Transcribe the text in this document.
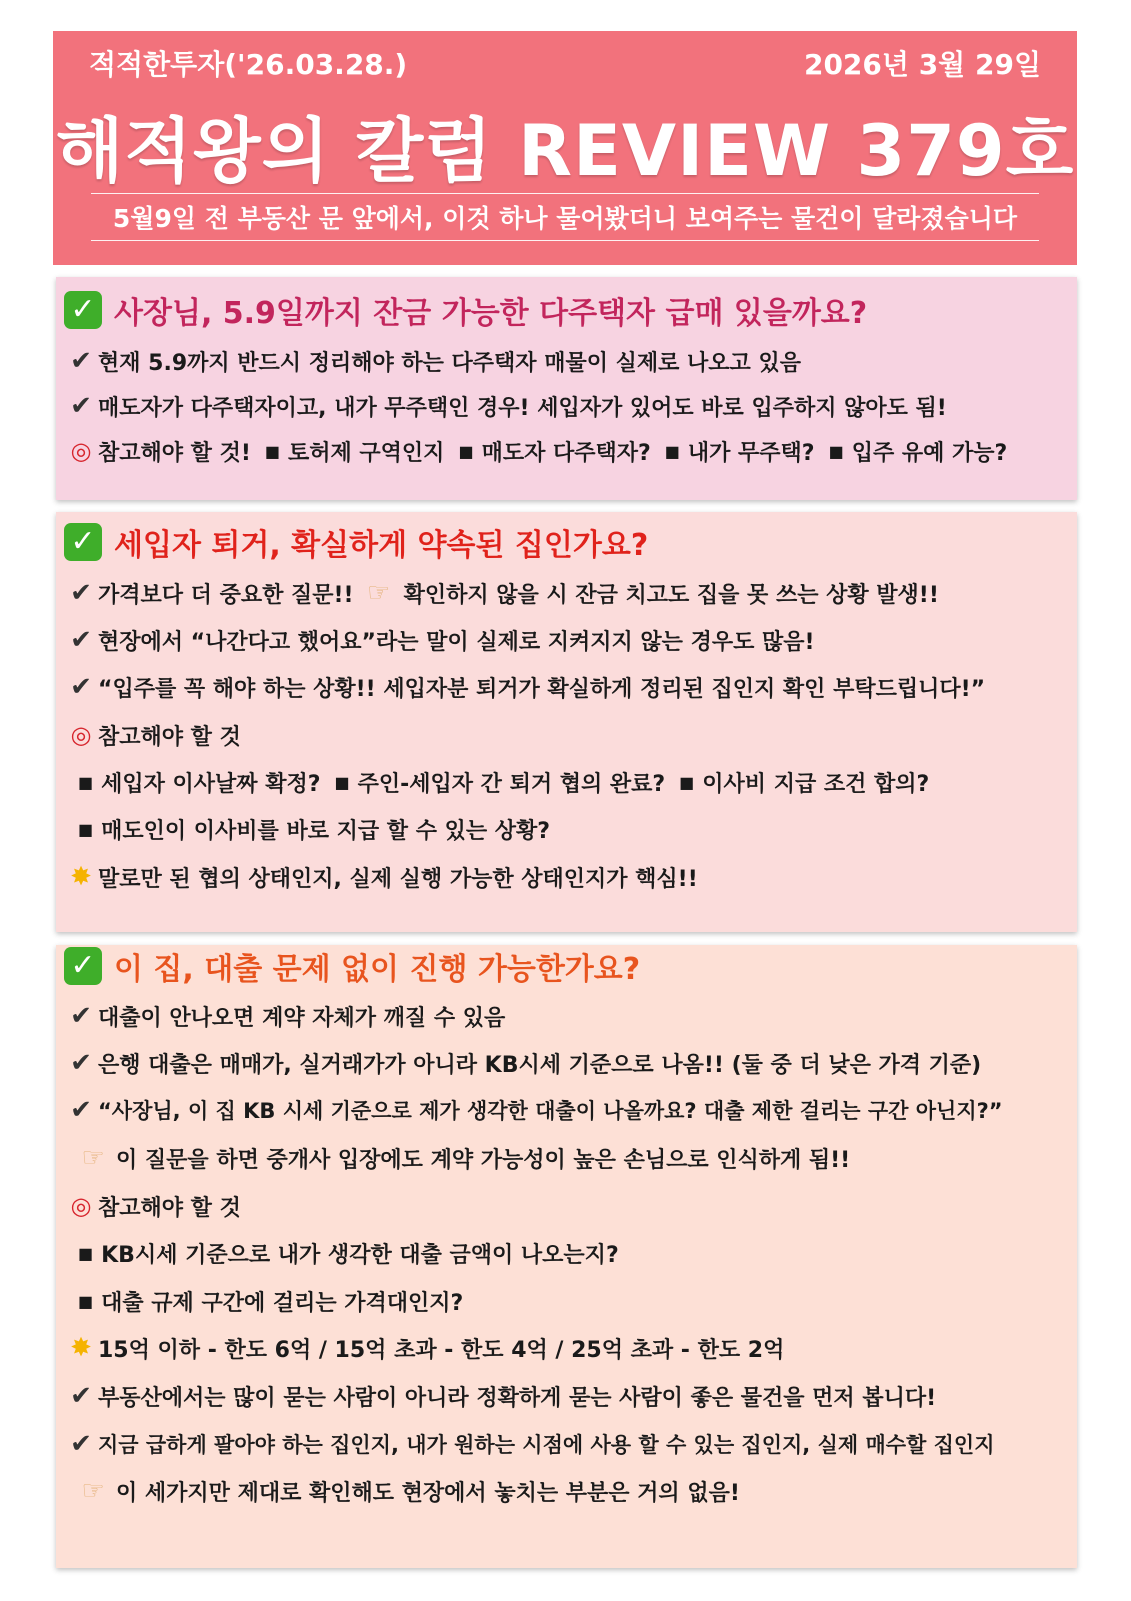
적적한투자('26.03.28.)	2026년 3월 29일
해적왕의 칼럼 REVIEW 379호
5월9일 전 부동산 문 앞에서, 이것 하나 물어봤더니 보여주는 물건이 달라졌습니다
✓ 사장님, 5.9일까지 잔금 가능한 다주택자 급매 있을까요?
✔ 현재 5.9까지 반드시 정리해야 하는 다주택자 매물이 실제로 나오고 있음
✔ 매도자가 다주택자이고, 내가 무주택인 경우! 세입자가 있어도 바로 입주하지 않아도 됨!
◎ 참고해야 할 것! ■ 토허제 구역인지 ■ 매도자 다주택자? ■ 내가 무주택? ■ 입주 유예 가능?
✓ 세입자 퇴거, 확실하게 약속된 집인가요?
✔ 가격보다 더 중요한 질문!! ☞ 확인하지 않을 시 잔금 치고도 집을 못 쓰는 상황 발생!!
✔ 현장에서 “나간다고 했어요”라는 말이 실제로 지켜지지 않는 경우도 많음!
✔ “입주를 꼭 해야 하는 상황!! 세입자분 퇴거가 확실하게 정리된 집인지 확인 부탁드립니다!”
◎ 참고해야 할 것
■ 세입자 이사날짜 확정? ■ 주인-세입자 간 퇴거 협의 완료? ■ 이사비 지급 조건 합의?
■ 매도인이 이사비를 바로 지급 할 수 있는 상황?
✸ 말로만 된 협의 상태인지, 실제 실행 가능한 상태인지가 핵심!!
✓ 이 집, 대출 문제 없이 진행 가능한가요?
✔ 대출이 안나오면 계약 자체가 깨질 수 있음
✔ 은행 대출은 매매가, 실거래가가 아니라 KB시세 기준으로 나옴!! (둘 중 더 낮은 가격 기준)
✔ “사장님, 이 집 KB 시세 기준으로 제가 생각한 대출이 나올까요? 대출 제한 걸리는 구간 아닌지?”
☞ 이 질문을 하면 중개사 입장에도 계약 가능성이 높은 손님으로 인식하게 됨!!
◎ 참고해야 할 것
■ KB시세 기준으로 내가 생각한 대출 금액이 나오는지?
■ 대출 규제 구간에 걸리는 가격대인지?
✸ 15억 이하 - 한도 6억 / 15억 초과 - 한도 4억 / 25억 초과 - 한도 2억
✔ 부동산에서는 많이 묻는 사람이 아니라 정확하게 묻는 사람이 좋은 물건을 먼저 봅니다!
✔ 지금 급하게 팔아야 하는 집인지, 내가 원하는 시점에 사용 할 수 있는 집인지, 실제 매수할 집인지
☞ 이 세가지만 제대로 확인해도 현장에서 놓치는 부분은 거의 없음!
